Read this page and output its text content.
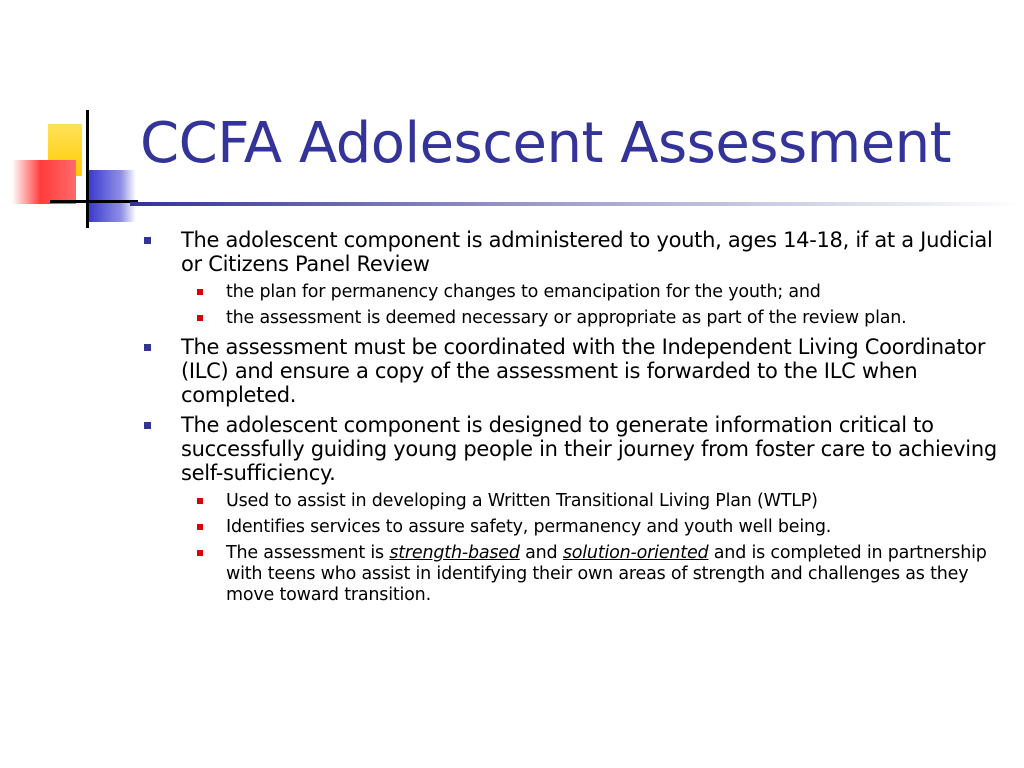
CCFA Adolescent Assessment
The adolescent component is administered to youth, ages 14-18, if at a Judicial or Citizens Panel Review
the plan for permanency changes to emancipation for the youth; and
the assessment is deemed necessary or appropriate as part of the review plan.
The assessment must be coordinated with the Independent Living Coordinator (ILC) and ensure a copy of the assessment is forwarded to the ILC when completed.
The adolescent component is designed to generate information critical to successfully guiding young people in their journey from foster care to achieving self-sufficiency.
Used to assist in developing a Written Transitional Living Plan (WTLP)
Identifies services to assure safety, permanency and youth well being.
The assessment is strength-based and solution-oriented and is completed in partnership with teens who assist in identifying their own areas of strength and challenges as they move toward transition.
